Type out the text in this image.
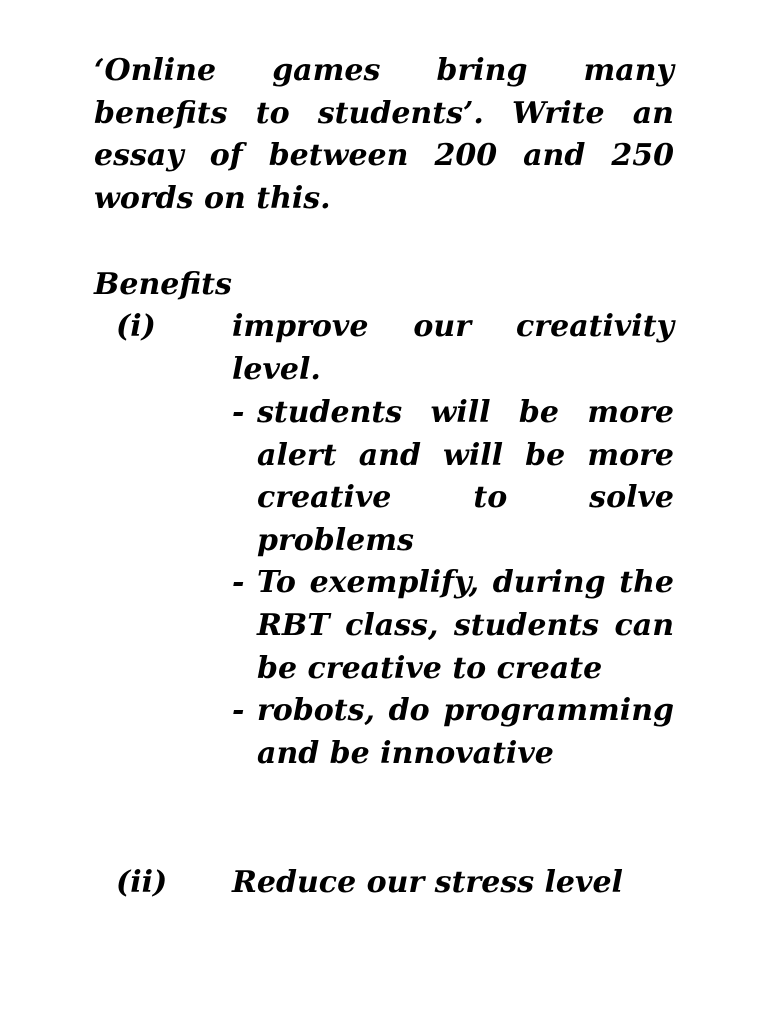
‘Online games bring many benefits to students’. Write an essay of between 200 and 250 words on this.

Benefits

(i)	improve our creativity level.

- students will be more alert and will be more creative to solve problems
- To exemplify, during the RBT class, students can be creative to create
- robots, do programming and be innovative
(ii) Reduce our stress level
